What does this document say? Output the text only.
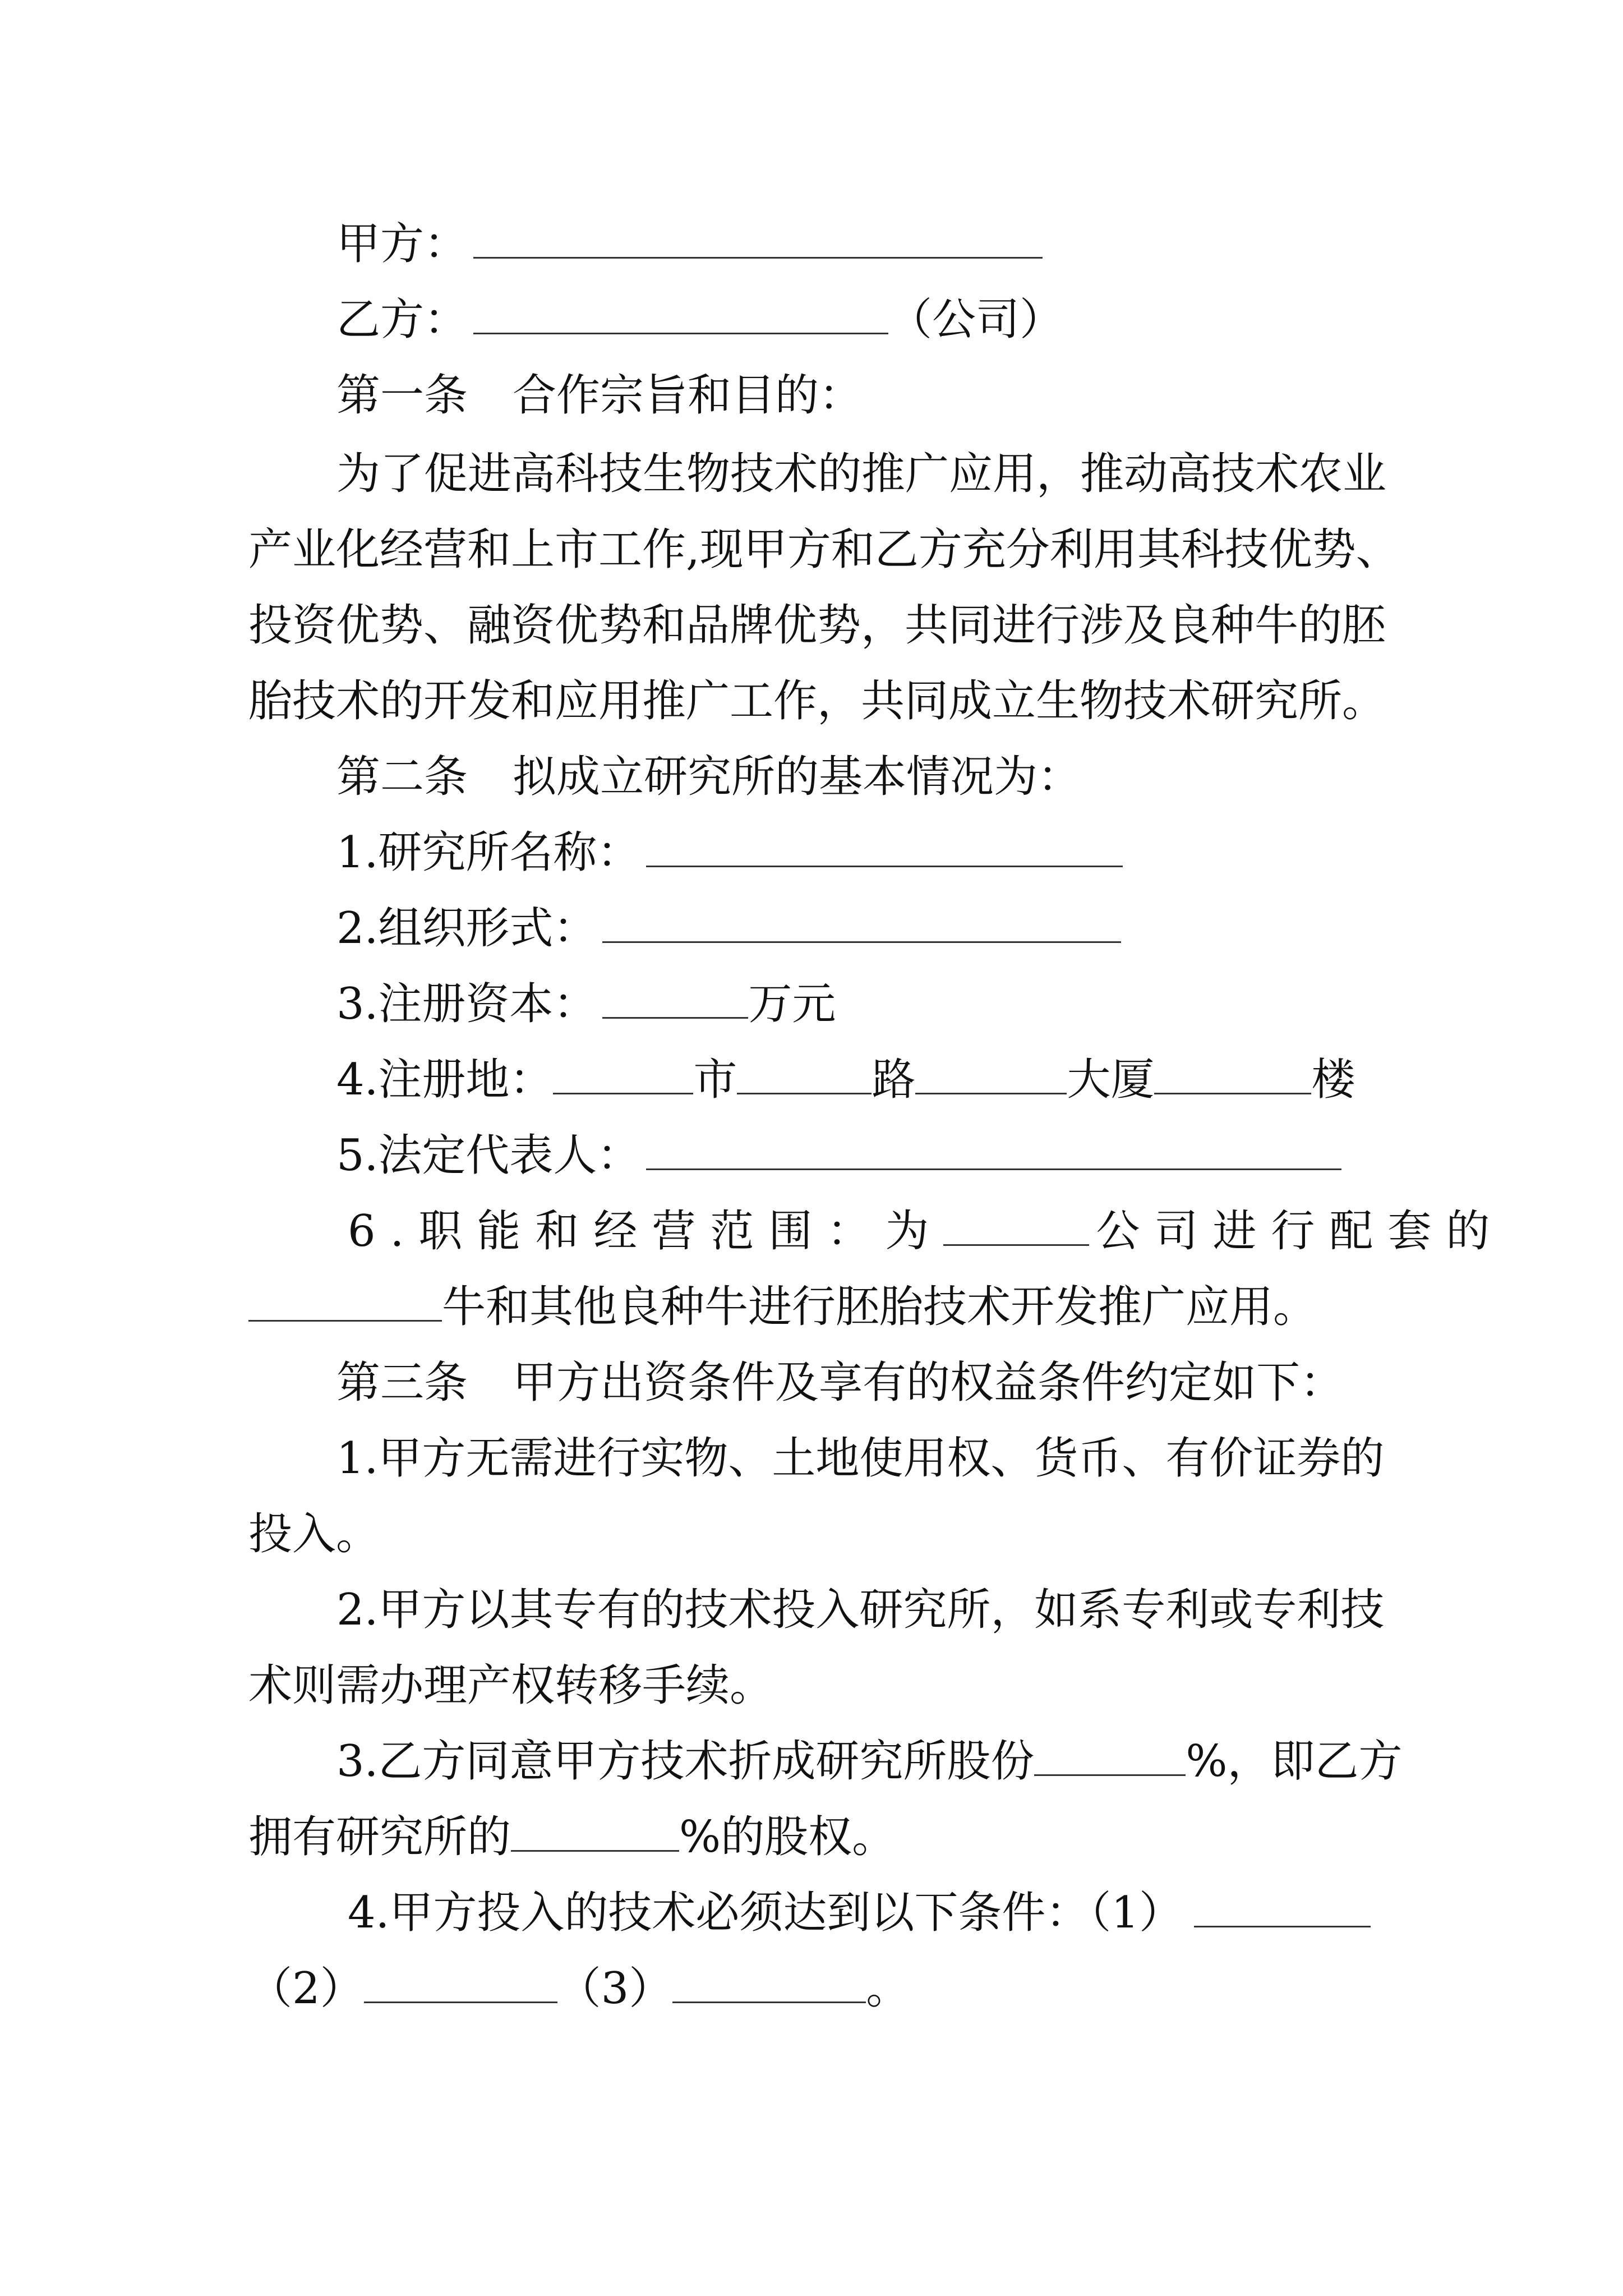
甲方：
乙方：	（公司）
第一条 合作宗旨和目的：
为了促进高科技生物技术的推广应用，推动高技术农业
产业化经营和上市工作,现甲方和乙方充分利用其科技优势、
投资优势、融资优势和品牌优势，共同进行涉及良种牛的胚
胎技术的开发和应用推广工作，共同成立生物技术研究所。
第二条 拟成立研究所的基本情况为：
1.研究所名称：
2.组织形式：
3.注册资本：	万元
4.注册地：	市	路	大厦	楼
5.法定代表人：
6.职能和经营范围：为	公司进行配套的
牛和其他良种牛进行胚胎技术开发推广应用。
第三条 甲方出资条件及享有的权益条件约定如下：
1.甲方无需进行实物、土地使用权、货币、有价证券的
投入。
2.甲方以其专有的技术投入研究所，如系专利或专利技
术则需办理产权转移手续。
3.乙方同意甲方技术折成研究所股份	%，即乙方
拥有研究所的	%的股权。
4.甲方投入的技术必须达到以下条件：（1）
（2）	（3）	。
